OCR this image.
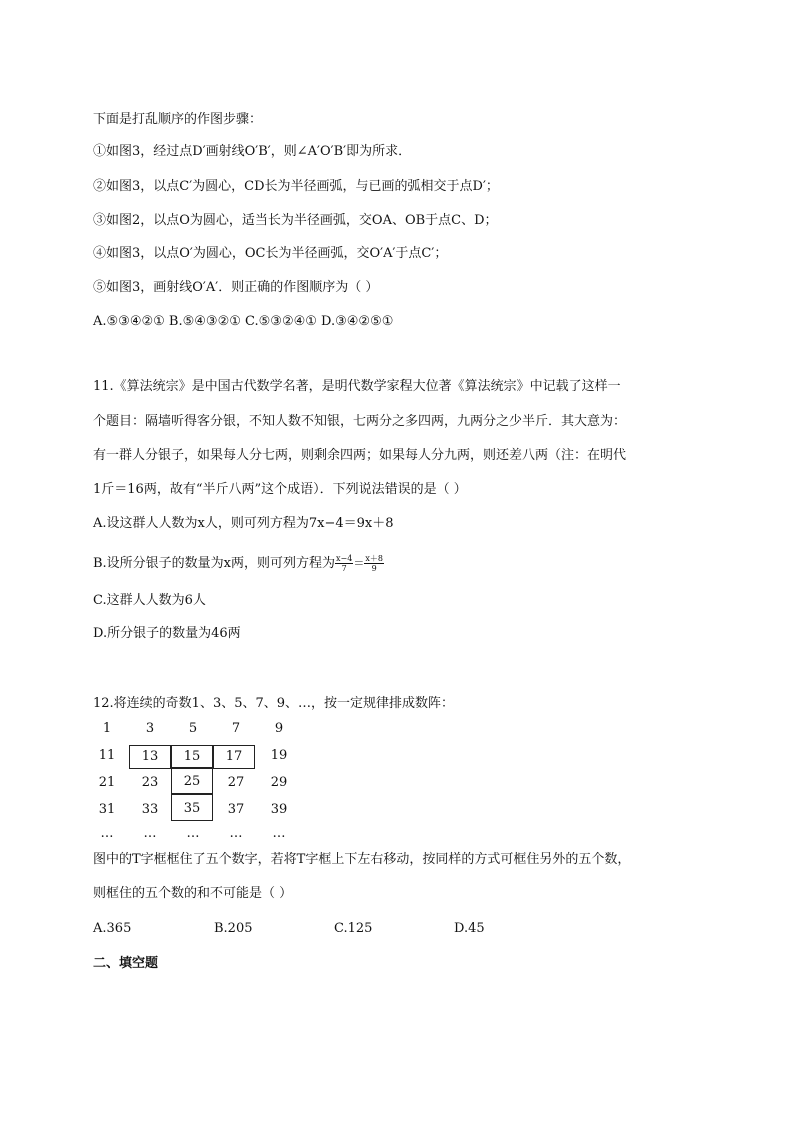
下面是打乱顺序的作图步骤：
①如图3，经过点D′画射线O′B′，则∠A′O′B′即为所求．
②如图3，以点C′为圆心，CD长为半径画弧，与已画的弧相交于点D′；
③如图2，以点O为圆心，适当长为半径画弧，交OA、OB于点C、D；
④如图3，以点O′为圆心，OC长为半径画弧，交O′A′于点C′；
⑤如图3，画射线O′A′．则正确的作图顺序为（ ）
A.⑤③④②① B.⑤④③②① C.⑤③②④① D.③④②⑤①
11.《算法统宗》是中国古代数学名著，是明代数学家程大位著《算法统宗》中记载了这样一
个题目：隔墙听得客分银，不知人数不知银，七两分之多四两，九两分之少半斤．其大意为：
有一群人分银子，如果每人分七两，则剩余四两；如果每人分九两，则还差八两（注：在明代
1斤＝16两，故有“半斤八两”这个成语）．下列说法错误的是（ ）
A.设这群人人数为x人，则可列方程为7x−4＝9x＋8
B.设所分银子的数量为x两，则可列方程为 $\frac{x-4}{7} = \frac{x+8}{9}$
C.这群人人数为6人
D.所分银子的数量为46两
12.将连续的奇数1、3、5、7、9、…，按一定规律排成数阵：
1	3	5	7	9
11	13	15	17	19
21	23	25	27	29
31	33	35	37	39
…	…	…	…	…
图中的T字框框住了五个数字，若将T字框上下左右移动，按同样的方式可框住另外的五个数，
则框住的五个数的和不可能是（ ）
A.365	B.205	C.125	D.45
二、填空题
